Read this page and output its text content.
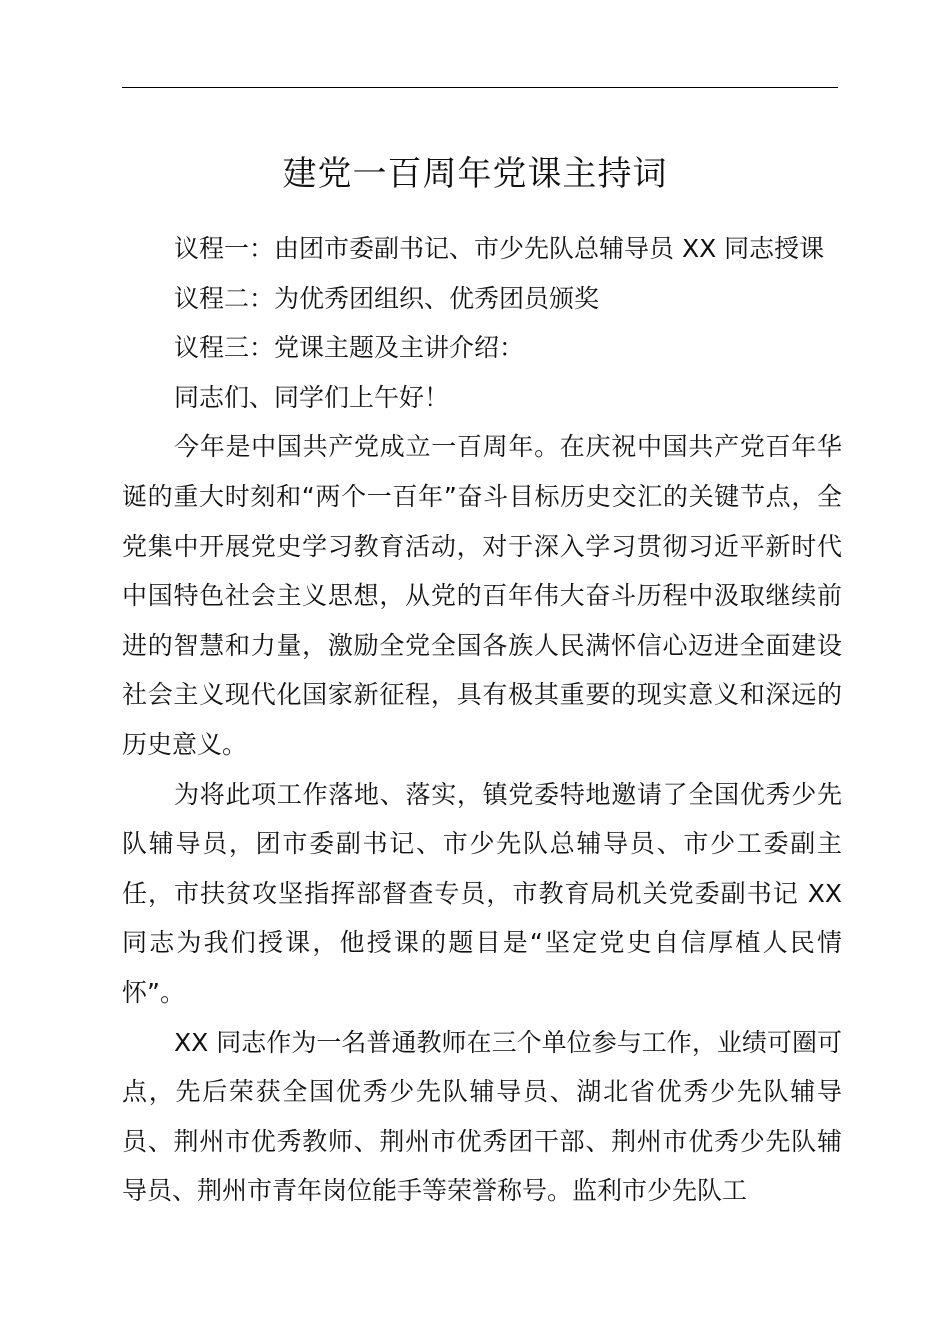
建党一百周年党课主持词

议程一：由团市委副书记、市少先队总辅导员 XX 同志授课

议程二：为优秀团组织、优秀团员颁奖

议程三：党课主题及主讲介绍：

同志们、同学们上午好！

今年是中国共产党成立一百周年。在庆祝中国共产党百年华诞的重大时刻和“两个一百年”奋斗目标历史交汇的关键节点，全党集中开展党史学习教育活动，对于深入学习贯彻习近平新时代中国特色社会主义思想，从党的百年伟大奋斗历程中汲取继续前进的智慧和力量，激励全党全国各族人民满怀信心迈进全面建设社会主义现代化国家新征程，具有极其重要的现实意义和深远的历史意义。

为将此项工作落地、落实，镇党委特地邀请了全国优秀少先队辅导员，团市委副书记、市少先队总辅导员、市少工委副主任，市扶贫攻坚指挥部督查专员，市教育局机关党委副书记 XX 同志为我们授课，他授课的题目是“坚定党史自信厚植人民情怀”。

XX 同志作为一名普通教师在三个单位参与工作，业绩可圈可点，先后荣获全国优秀少先队辅导员、湖北省优秀少先队辅导员、荆州市优秀教师、荆州市优秀团干部、荆州市优秀少先队辅导员、荆州市青年岗位能手等荣誉称号。监利市少先队工
